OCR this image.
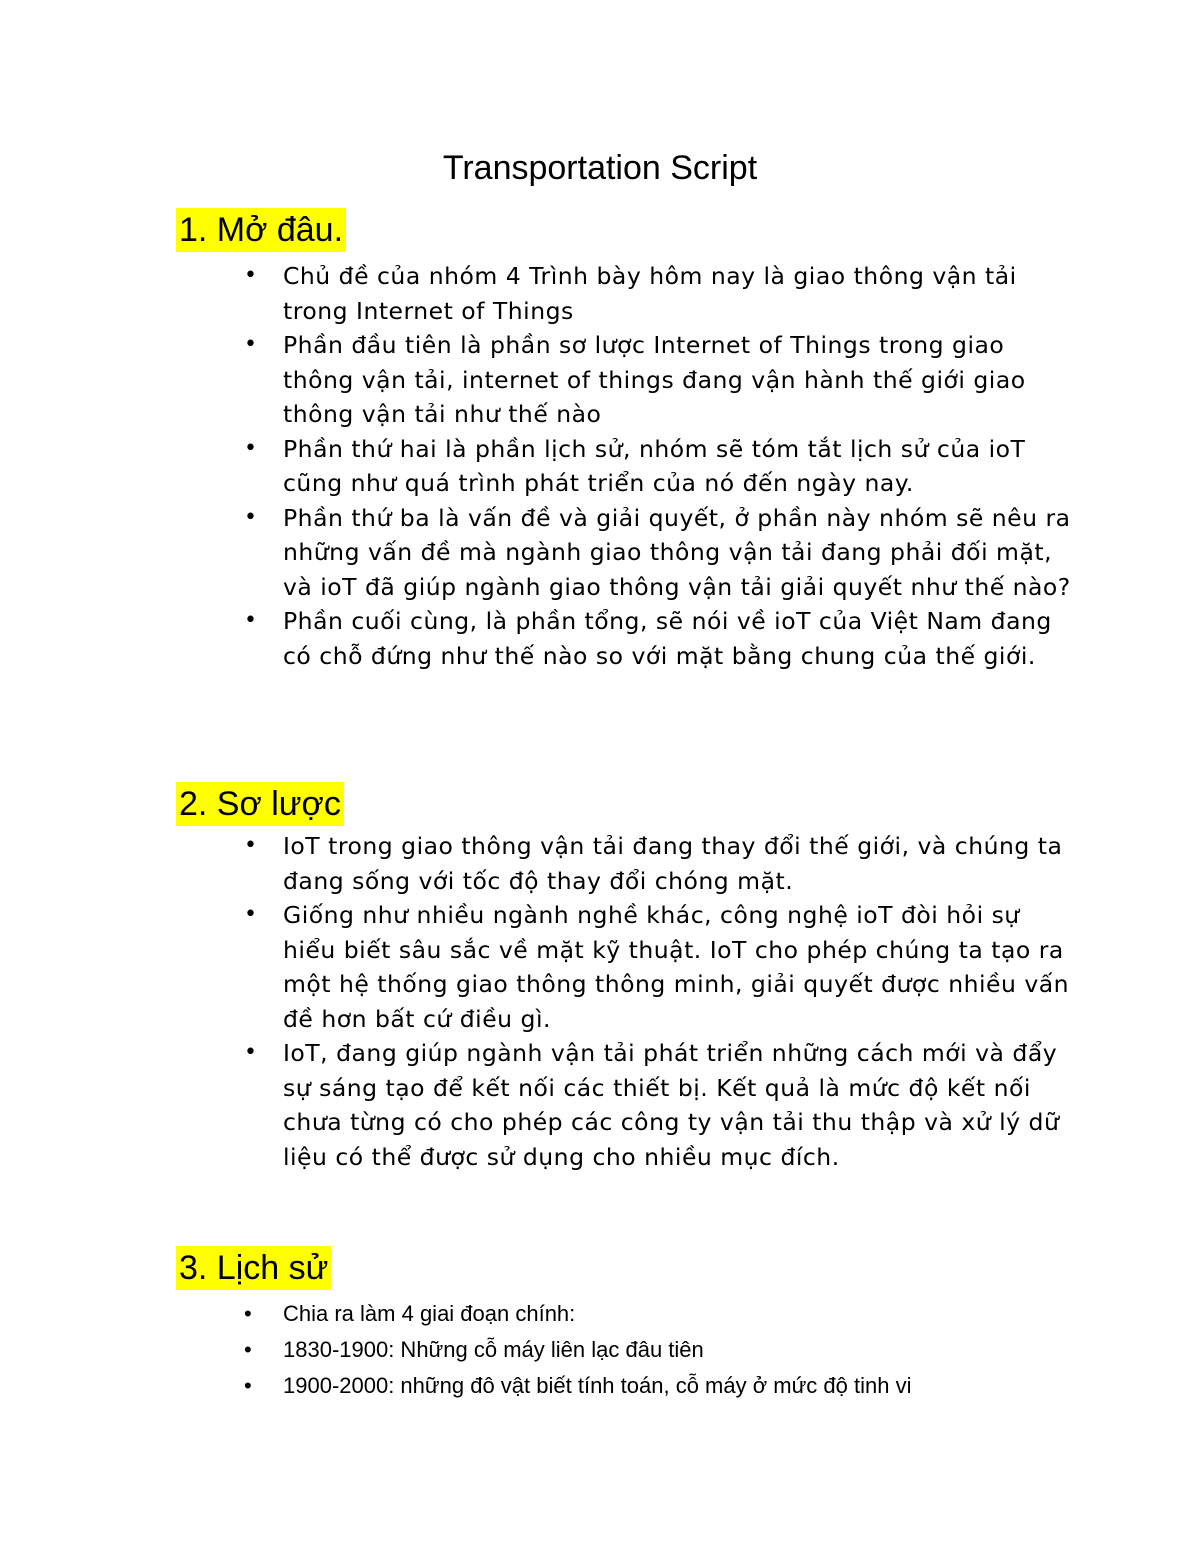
Transportation Script
1. Mở đâu.
• Chủ đề của nhóm 4 Trình bày hôm nay là giao thông vận tải trong Internet of Things
• Phần đầu tiên là phần sơ lược Internet of Things trong giao thông vận tải, internet of things đang vận hành thế giới giao thông vận tải như thế nào
• Phần thứ hai là phần lịch sử, nhóm sẽ tóm tắt lịch sử của ioT cũng như quá trình phát triển của nó đến ngày nay.
• Phần thứ ba là vấn đề và giải quyết, ở phần này nhóm sẽ nêu ra những vấn đề mà ngành giao thông vận tải đang phải đối mặt, và ioT đã giúp ngành giao thông vận tải giải quyết như thế nào?
• Phần cuối cùng, là phần tổng, sẽ nói về ioT của Việt Nam đang có chỗ đứng như thế nào so với mặt bằng chung của thế giới.
2. Sơ lược
• IoT trong giao thông vận tải đang thay đổi thế giới, và chúng ta đang sống với tốc độ thay đổi chóng mặt.
• Giống như nhiều ngành nghề khác, công nghệ ioT đòi hỏi sự hiểu biết sâu sắc về mặt kỹ thuật. IoT cho phép chúng ta tạo ra một hệ thống giao thông thông minh, giải quyết được nhiều vấn đề hơn bất cứ điều gì.
• IoT, đang giúp ngành vận tải phát triển những cách mới và đẩy sự sáng tạo để kết nối các thiết bị. Kết quả là mức độ kết nối chưa từng có cho phép các công ty vận tải thu thập và xử lý dữ liệu có thể được sử dụng cho nhiều mục đích.
3. Lịch sử
• Chia ra làm 4 giai đoạn chính:
• 1830-1900: Những cỗ máy liên lạc đâu tiên
• 1900-2000: những đô vật biết tính toán, cỗ máy ở mức độ tinh vi
